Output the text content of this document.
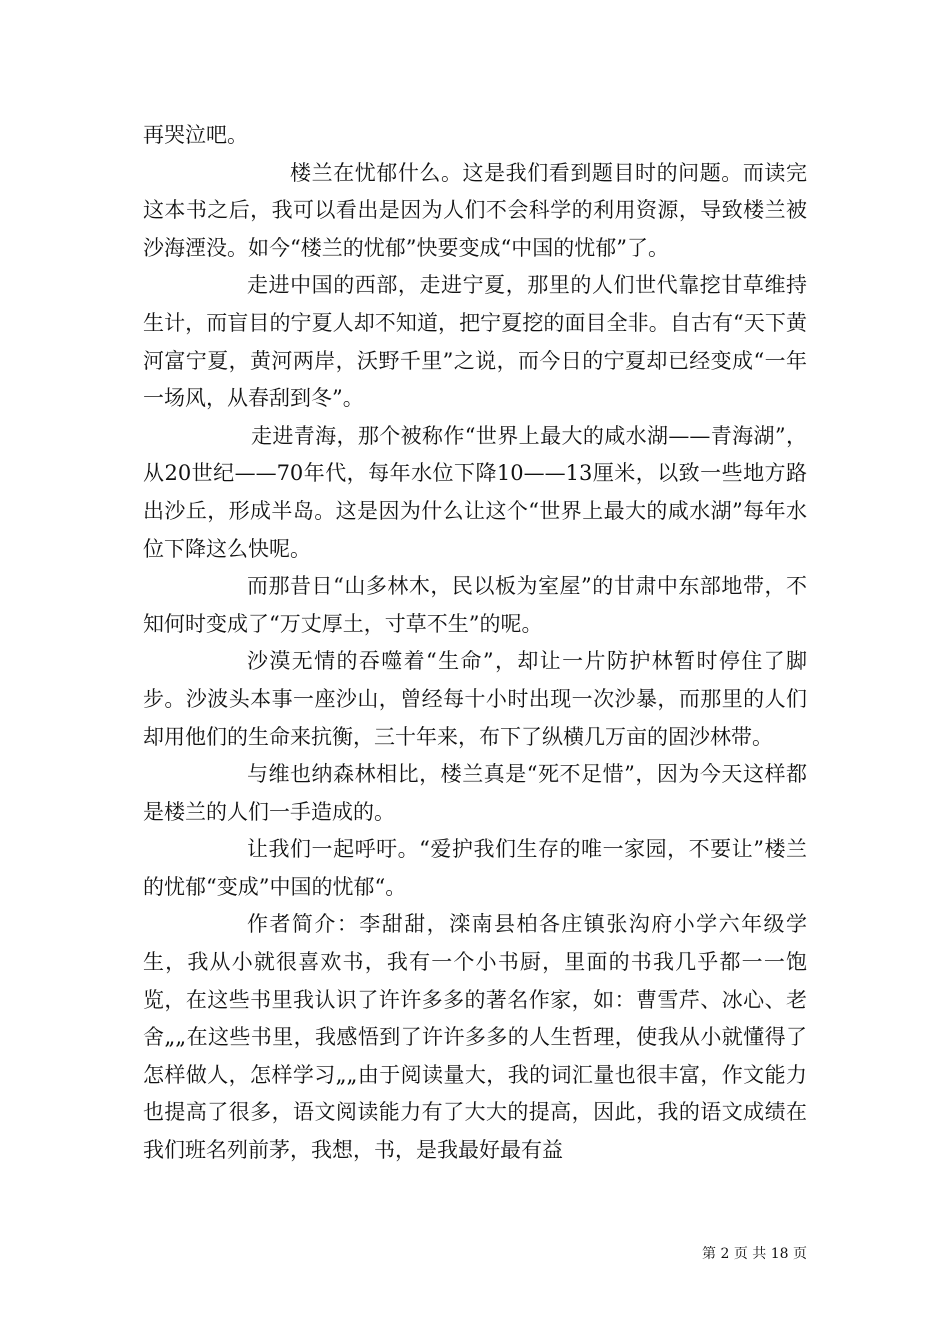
再哭泣吧。

楼兰在忧郁什么。这是我们看到题目时的问题。而读完这本书之后，我可以看出是因为人们不会科学的利用资源，导致楼兰被沙海湮没。如今“楼兰的忧郁”快要变成“中国的忧郁”了。

走进中国的西部，走进宁夏，那里的人们世代靠挖甘草维持生计，而盲目的宁夏人却不知道，把宁夏挖的面目全非。自古有“天下黄河富宁夏，黄河两岸，沃野千里”之说，而今日的宁夏却已经变成“一年一场风，从春刮到冬”。

走进青海，那个被称作“世界上最大的咸水湖——青海湖”，从20世纪——70年代，每年水位下降10——13厘米，以致一些地方路出沙丘，形成半岛。这是因为什么让这个“世界上最大的咸水湖”每年水位下降这么快呢。

而那昔日“山多林木，民以板为室屋”的甘肃中东部地带，不知何时变成了“万丈厚土，寸草不生”的呢。

沙漠无情的吞噬着“生命”，却让一片防护林暂时停住了脚步。沙波头本事一座沙山，曾经每十小时出现一次沙暴，而那里的人们却用他们的生命来抗衡，三十年来，布下了纵横几万亩的固沙林带。

与维也纳森林相比，楼兰真是“死不足惜”，因为今天这样都是楼兰的人们一手造成的。

让我们一起呼吁。“爱护我们生存的唯一家园，不要让”楼兰的忧郁“变成”中国的忧郁“。

作者简介：李甜甜，滦南县柏各庄镇张沟府小学六年级学生，我从小就很喜欢书，我有一个小书厨，里面的书我几乎都一一饱览，在这些书里我认识了许许多多的著名作家，如：曹雪芹、冰心、老舍„„在这些书里，我感悟到了许许多多的人生哲理，使我从小就懂得了怎样做人，怎样学习„„由于阅读量大，我的词汇量也很丰富，作文能力也提高了很多，语文阅读能力有了大大的提高，因此，我的语文成绩在我们班名列前茅，我想，书，是我最好最有益

第 2 页 共 18 页
